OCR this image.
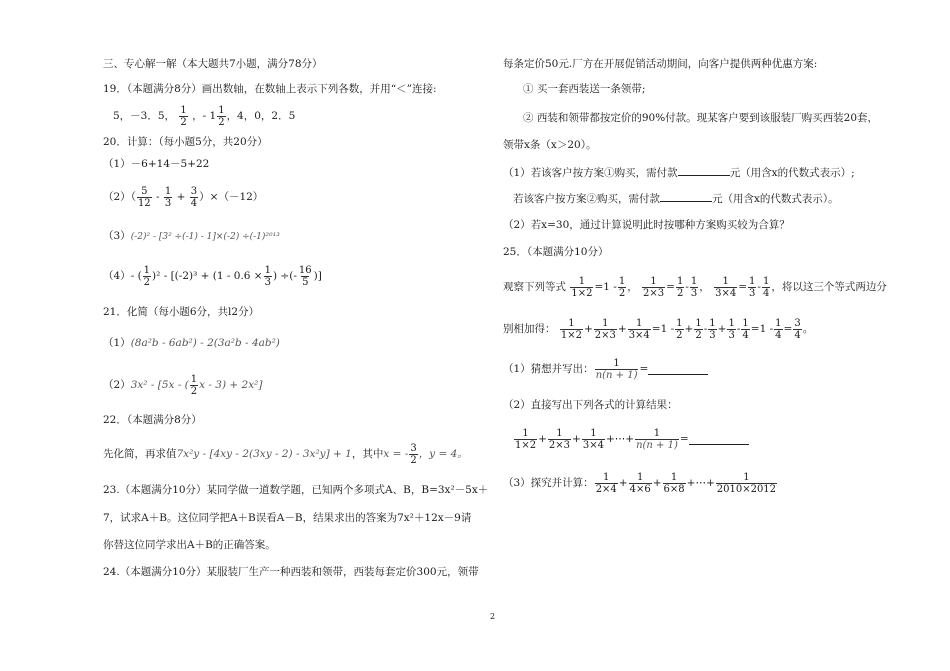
三、专心解一解（本大题共7小题，满分78分）
19．（本题满分8分）画出数轴，在数轴上表示下列各数，并用“＜”连接:
5，－3．5， $\frac{1}{2}$ ，- $1 \frac{1}{2}$ ，4，0，2．5
20．计算：（每小题5分，共20分）
（1）－6+14－5+22
$(2)( \frac{5}{12} - \frac{1}{3} + \frac{3}{4} )\times(-12)$
（3）(-2)² - [3² ÷(-1) - 1]×(-2) ÷(-1)²⁰¹³
（4）- ( $\frac{1}{2} )^2 - [(-2)^3 + (1 - 0.6 \times \frac{1}{3}$ ) ÷(- $\frac{16}{5}$ )]
21．化简（每小题6分，共l2分）
（1）(8a²b - 6ab²) - 2(3a²b - 4ab²)
（2）3x² - [5x - ( $\frac{1}{2}$ x - 3) + 2x²]
22．（本题满分8分）
先化简，再求值7x²y - [4xy - 2(3xy - 2) - 3x²y] + 1，其中x = - $\frac{3}{2}$ ，y = 4。
23.（本题满分10分）某同学做一道数学题，已知两个多项式A、B，B=3x²－5x＋
7，试求A＋B。这位同学把A＋B误看A－B，结果求出的答案为7x²＋12x－9请
你替这位同学求出A＋B的正确答案。
24.（本题满分10分）某服装厂生产一种西装和领带，西装每套定价300元，领带
每条定价50元.厂方在开展促销活动期间，向客户提供两种优惠方案:
① 买一套西装送一条领带;
② 西装和领带都按定价的90%付款。现某客户要到该服装厂购买西装20套，
领带x条（x＞20）。
（1）若该客户按方案①购买，需付款	元（用含x的代数式表示）;
若该客户按方案②购买，需付款	元（用含x的代数式表示）。
（2）若x=30，通过计算说明此时按哪种方案购买较为合算？
25．（本题满分10分）
观察下列等式 $\frac{1}{1\times 2} =1 - \frac{1}{2}$ ， $\frac{1}{2\times 3} = \frac{1}{2} - \frac{1}{3}$ ， $\frac{1}{3\times 4} = \frac{1}{3} - \frac{1}{4}$ ，将以这三个等式两边分
别相加得： $\frac{1}{1\times 2} + \frac{1}{2\times 3} + \frac{1}{3\times 4} =1 - \frac{1}{2} + \frac{1}{2} - \frac{1}{3} + \frac{1}{3} - \frac{1}{4} =1 - \frac{1}{4} = \frac{3}{4}$ 。
（1）猜想并写出： $\frac{1}{n(n + 1)}$ =
（2）直接写出下列各式的计算结果：
$\frac{1}{1\times 2} + \frac{1}{2\times 3} + \frac{1}{3\times 4}$ +⋯+ $\frac{1}{n(n + 1)}$ =
（3）探究并计算： $\frac{1}{2\times 4} + \frac{1}{4\times 6} + \frac{1}{6\times 8}$ +⋯+ $\frac{1}{2010\times 2012}$
2
